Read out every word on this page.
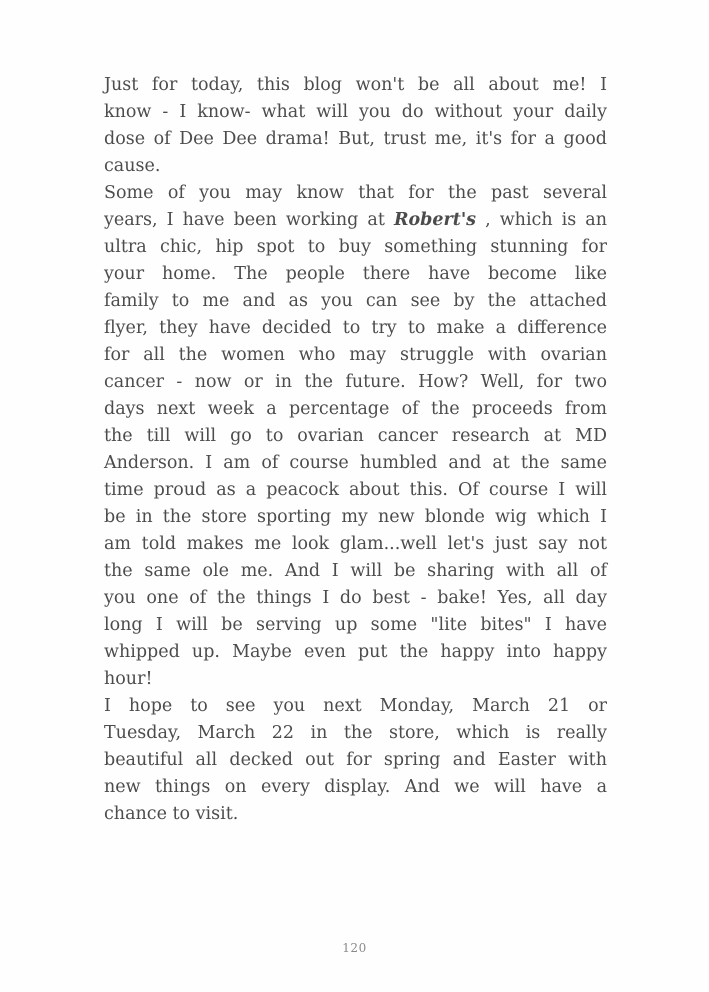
Just for today, this blog won't be all about me! I
know - I know- what will you do without your daily
dose of Dee Dee drama! But, trust me, it's for a good
cause.
Some of you may know that for the past several
years, I have been working at Robert's , which is an
ultra chic, hip spot to buy something stunning for
your home. The people there have become like
family to me and as you can see by the attached
flyer, they have decided to try to make a difference
for all the women who may struggle with ovarian
cancer - now or in the future. How? Well, for two
days next week a percentage of the proceeds from
the till will go to ovarian cancer research at MD
Anderson. I am of course humbled and at the same
time proud as a peacock about this. Of course I will
be in the store sporting my new blonde wig which I
am told makes me look glam...well let's just say not
the same ole me. And I will be sharing with all of
you one of the things I do best - bake! Yes, all day
long I will be serving up some "lite bites" I have
whipped up. Maybe even put the happy into happy
hour!
I hope to see you next Monday, March 21 or
Tuesday, March 22 in the store, which is really
beautiful all decked out for spring and Easter with
new things on every display. And we will have a
chance to visit.
120
